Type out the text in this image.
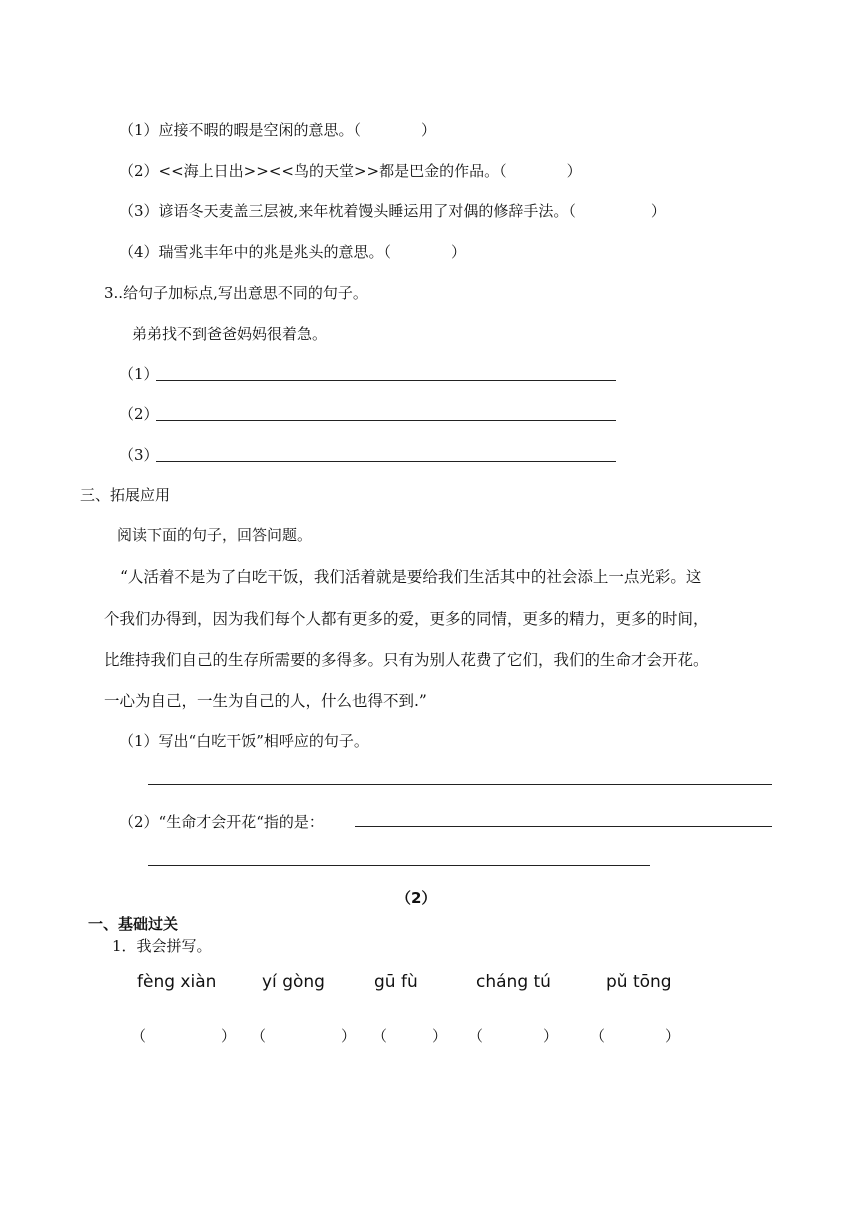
（1）应接不暇的暇是空闲的意思。（　　　　）
（2）<<海上日出>><<鸟的天堂>>都是巴金的作品。（　　　　）
（3）谚语冬天麦盖三层被,来年枕着馒头睡运用了对偶的修辞手法。（　　　　　）
（4）瑞雪兆丰年中的兆是兆头的意思。（　　　　）
3..给句子加标点,写出意思不同的句子。
弟弟找不到爸爸妈妈很着急。
（1）
（2）
（3）
三、拓展应用
阅读下面的句子，回答问题。
“人活着不是为了白吃干饭，我们活着就是要给我们生活其中的社会添上一点光彩。这
个我们办得到，因为我们每个人都有更多的爱，更多的同情，更多的精力，更多的时间，
比维持我们自己的生存所需要的多得多。只有为别人花费了它们，我们的生命才会开花。
一心为自己，一生为自己的人，什么也得不到.”
（1）写出“白吃干饭”相呼应的句子。
（2）“生命才会开花“指的是：
（2）
一、基础过关
1．我会拼写。
fèng xiàn	yí gòng	gū fù	cháng tú	pǔ tōng
（　　　　　） （　　　　　） （　　　） （　　　　） （　　　　）
